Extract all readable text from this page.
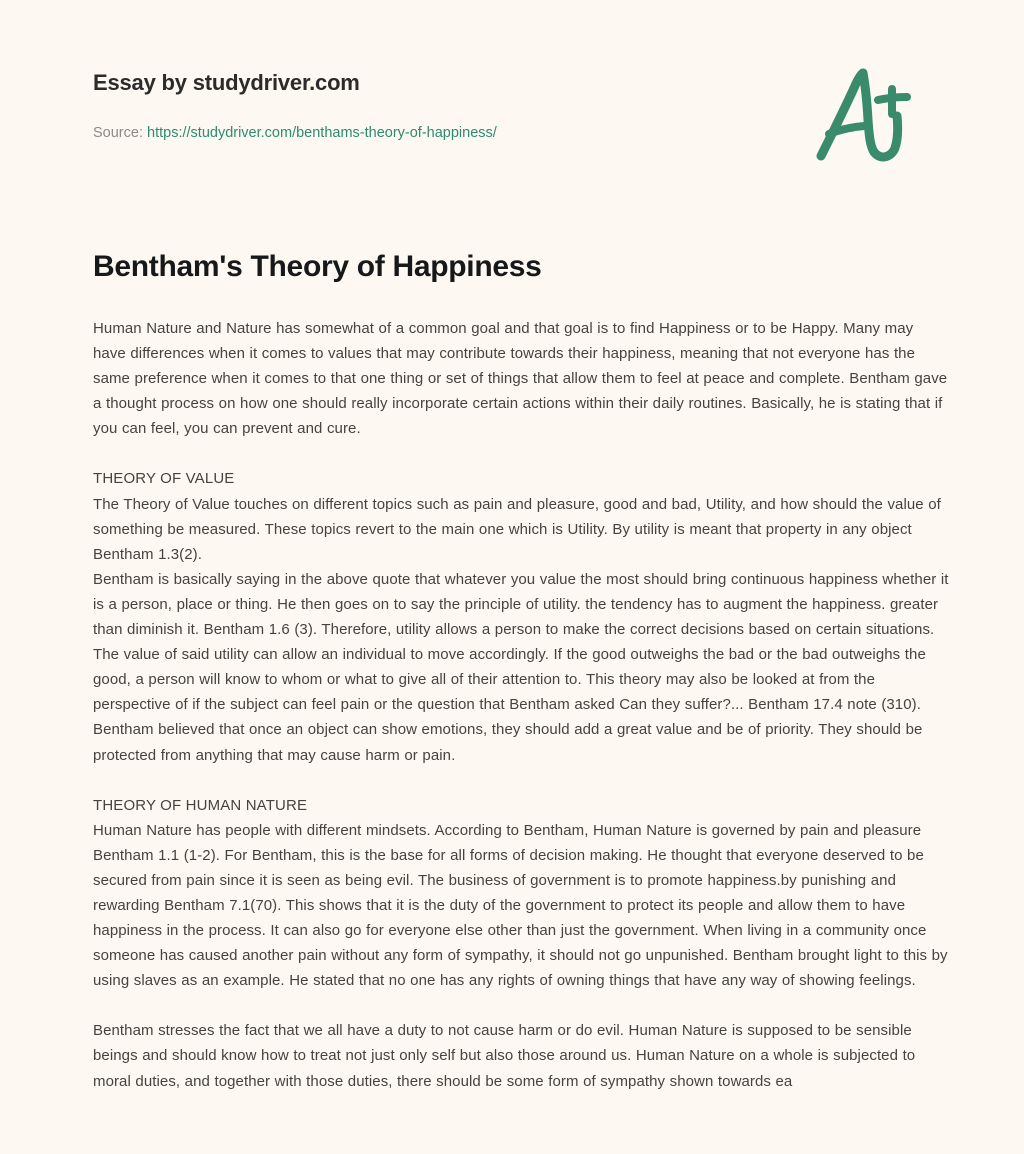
Essay by studydriver.com
Source: https://studydriver.com/benthams-theory-of-happiness/
Bentham's Theory of Happiness

Human Nature and Nature has somewhat of a common goal and that goal is to find Happiness or to be Happy. Many may have differences when it comes to values that may contribute towards their happiness, meaning that not everyone has the same preference when it comes to that one thing or set of things that allow them to feel at peace and complete. Bentham gave a thought process on how one should really incorporate certain actions within their daily routines. Basically, he is stating that if you can feel, you can prevent and cure.

THEORY OF VALUE

The Theory of Value touches on different topics such as pain and pleasure, good and bad, Utility, and how should the value of something be measured. These topics revert to the main one which is Utility. By utility is meant that property in any object Bentham 1.3(2).

Bentham is basically saying in the above quote that whatever you value the most should bring continuous happiness whether it is a person, place or thing. He then goes on to say the principle of utility. the tendency has to augment the happiness. greater than diminish it. Bentham 1.6 (3). Therefore, utility allows a person to make the correct decisions based on certain situations. The value of said utility can allow an individual to move accordingly. If the good outweighs the bad or the bad outweighs the good, a person will know to whom or what to give all of their attention to. This theory may also be looked at from the perspective of if the subject can feel pain or the question that Bentham asked Can they suffer?... Bentham 17.4 note (310). Bentham believed that once an object can show emotions, they should add a great value and be of priority. They should be protected from anything that may cause harm or pain.

THEORY OF HUMAN NATURE

Human Nature has people with different mindsets. According to Bentham, Human Nature is governed by pain and pleasure Bentham 1.1 (1-2). For Bentham, this is the base for all forms of decision making. He thought that everyone deserved to be secured from pain since it is seen as being evil. The business of government is to promote happiness.by punishing and rewarding Bentham 7.1(70). This shows that it is the duty of the government to protect its people and allow them to have happiness in the process. It can also go for everyone else other than just the government. When living in a community once someone has caused another pain without any form of sympathy, it should not go unpunished. Bentham brought light to this by using slaves as an example. He stated that no one has any rights of owning things that have any way of showing feelings.

Bentham stresses the fact that we all have a duty to not cause harm or do evil. Human Nature is supposed to be sensible beings and should know how to treat not just only self but also those around us. Human Nature on a whole is subjected to moral duties, and together with those duties, there should be some form of sympathy shown towards ea
